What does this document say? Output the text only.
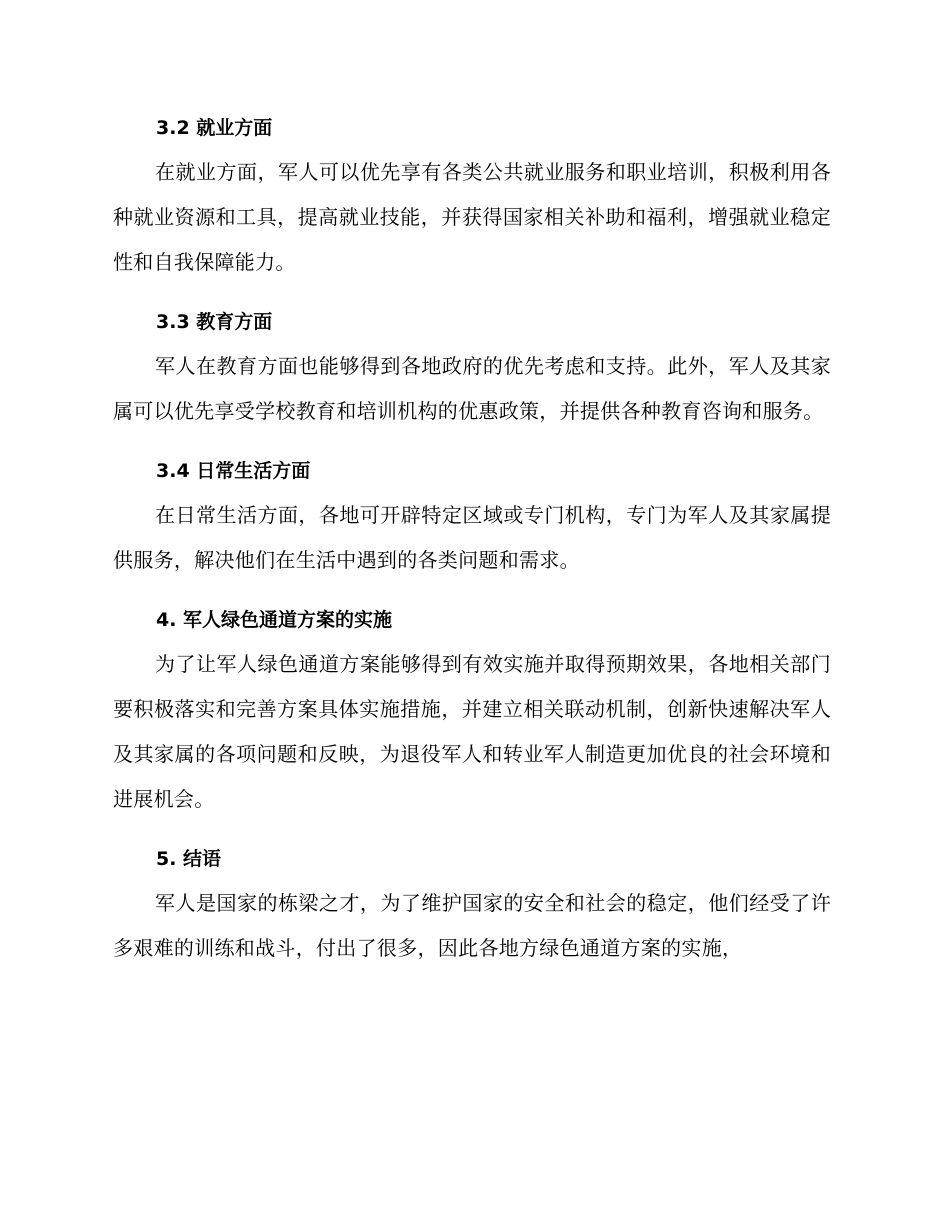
3.2 就业方面

在就业方面，军人可以优先享有各类公共就业服务和职业培训，积极利用各种就业资源和工具，提高就业技能，并获得国家相关补助和福利，增强就业稳定性和自我保障能力。

3.3 教育方面

军人在教育方面也能够得到各地政府的优先考虑和支持。此外，军人及其家属可以优先享受学校教育和培训机构的优惠政策，并提供各种教育咨询和服务。

3.4 日常生活方面

在日常生活方面，各地可开辟特定区域或专门机构，专门为军人及其家属提供服务，解决他们在生活中遇到的各类问题和需求。

4. 军人绿色通道方案的实施

为了让军人绿色通道方案能够得到有效实施并取得预期效果，各地相关部门要积极落实和完善方案具体实施措施，并建立相关联动机制，创新快速解决军人及其家属的各项问题和反映，为退役军人和转业军人制造更加优良的社会环境和进展机会。

5. 结语

军人是国家的栋梁之才，为了维护国家的安全和社会的稳定，他们经受了许多艰难的训练和战斗，付出了很多，因此各地方绿色通道方案的实施，
